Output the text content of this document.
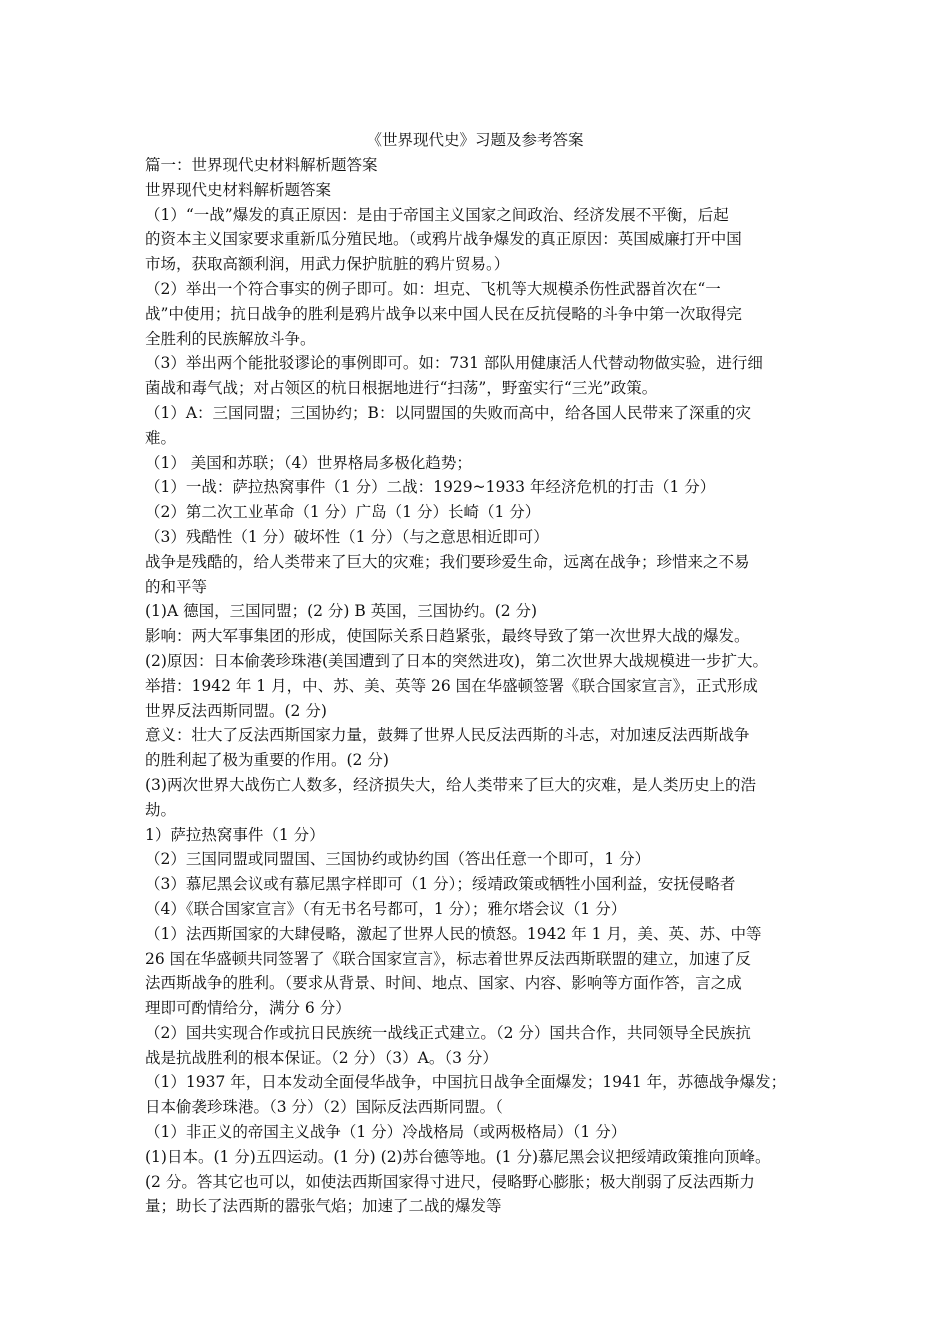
《世界现代史》习题及参考答案
篇一：世界现代史材料解析题答案
世界现代史材料解析题答案
（1）“一战”爆发的真正原因：是由于帝国主义国家之间政治、经济发展不平衡，后起
的资本主义国家要求重新瓜分殖民地。（或鸦片战争爆发的真正原因：英国威廉打开中国
市场，获取高额利润，用武力保护肮脏的鸦片贸易。）
（2）举出一个符合事实的例子即可。如：坦克、飞机等大规模杀伤性武器首次在“一
战”中使用；抗日战争的胜利是鸦片战争以来中国人民在反抗侵略的斗争中第一次取得完
全胜利的民族解放斗争。
（3）举出两个能批驳谬论的事例即可。如：731 部队用健康活人代替动物做实验，进行细
菌战和毒气战；对占领区的杭日根据地进行“扫荡”，野蛮实行“三光”政策。
（1）A：三国同盟；三国协约；B：以同盟国的失败而高中，给各国人民带来了深重的灾
难。
（1） 美国和苏联；（4）世界格局多极化趋势；
（1）一战：萨拉热窝事件（1 分）二战：1929~1933 年经济危机的打击（1 分）
（2）第二次工业革命（1 分）广岛（1 分）长崎（1 分）
（3）残酷性（1 分）破坏性（1 分）（与之意思相近即可）
战争是残酷的，给人类带来了巨大的灾难；我们要珍爱生命，远离在战争；珍惜来之不易
的和平等
(1)A 德国，三国同盟；(2 分) B 英国，三国协约。(2 分)
影响：两大军事集团的形成，使国际关系日趋紧张，最终导致了第一次世界大战的爆发。
(2)原因：日本偷袭珍珠港(美国遭到了日本的突然进攻)，第二次世界大战规模进一步扩大。
举措：1942 年 1 月，中、苏、美、英等 26 国在华盛顿签署《联合国家宣言》，正式形成
世界反法西斯同盟。(2 分)
意义：壮大了反法西斯国家力量，鼓舞了世界人民反法西斯的斗志，对加速反法西斯战争
的胜利起了极为重要的作用。(2 分)
(3)两次世界大战伤亡人数多，经济损失大，给人类带来了巨大的灾难，是人类历史上的浩
劫。
1）萨拉热窝事件（1 分）
（2）三国同盟或同盟国、三国协约或协约国（答出任意一个即可，1 分）
（3）慕尼黑会议或有慕尼黑字样即可（1 分）；绥靖政策或牺牲小国利益，安抚侵略者
（4）《联合国家宣言》（有无书名号都可，1 分）；雅尔塔会议（1 分）
（1）法西斯国家的大肆侵略，激起了世界人民的愤怒。1942 年 1 月，美、英、苏、中等
26 国在华盛顿共同签署了《联合国家宣言》，标志着世界反法西斯联盟的建立，加速了反
法西斯战争的胜利。（要求从背景、时间、地点、国家、内容、影响等方面作答，言之成
理即可酌情给分，满分 6 分）
（2）国共实现合作或抗日民族统一战线正式建立。（2 分）国共合作，共同领导全民族抗
战是抗战胜利的根本保证。（2 分）（3）A。（3 分）
（1）1937 年，日本发动全面侵华战争，中国抗日战争全面爆发；1941 年，苏德战争爆发；
日本偷袭珍珠港。（3 分）（2）国际反法西斯同盟。（
（1）非正义的帝国主义战争（1 分）冷战格局（或两极格局）（1 分）
(1)日本。(1 分)五四运动。(1 分) (2)苏台德等地。(1 分)慕尼黑会议把绥靖政策推向顶峰。
(2 分。答其它也可以，如使法西斯国家得寸进尺，侵略野心膨胀；极大削弱了反法西斯力
量；助长了法西斯的嚣张气焰；加速了二战的爆发等
